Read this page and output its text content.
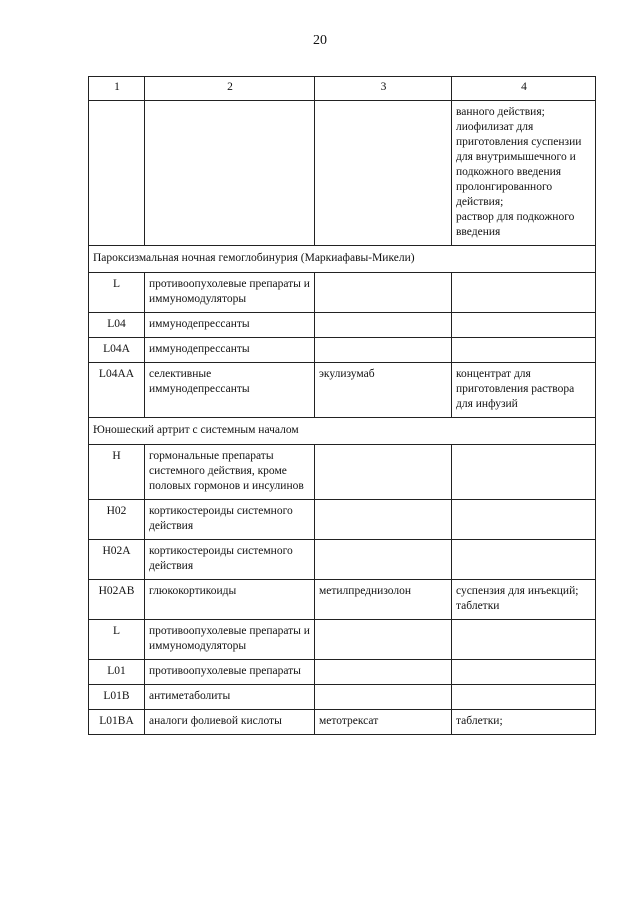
20
1	2	3	4

			ванного действия;
лиофилизат для приготовления суспензии для внутримышечного и подкожного введения пролонгированного действия;
раствор для подкожного введения

Пароксизмальная ночная гемоглобинурия (Маркиафавы-Микели)			
L	противоопухолевые препараты и иммуномодуляторы		
L04	иммунодепрессанты		
L04A	иммунодепрессанты		
L04AA	селективные иммунодепрессанты	экулизумаб	концентрат для приготовления раствора для инфузий
Юношеский артрит с системным началом			
H	гормональные препараты системного действия, кроме половых гормонов и инсулинов		
H02	кортикостероиды системного действия		
H02A	кортикостероиды системного действия		
H02AB	глюкокортикоиды	метилпреднизолон	суспензия для инъекций;
таблетки

L	противоопухолевые препараты и иммуномодуляторы		
L01	противоопухолевые препараты		
L01B	антиметаболиты		
L01BA	аналоги фолиевой кислоты	метотрексат	таблетки;
